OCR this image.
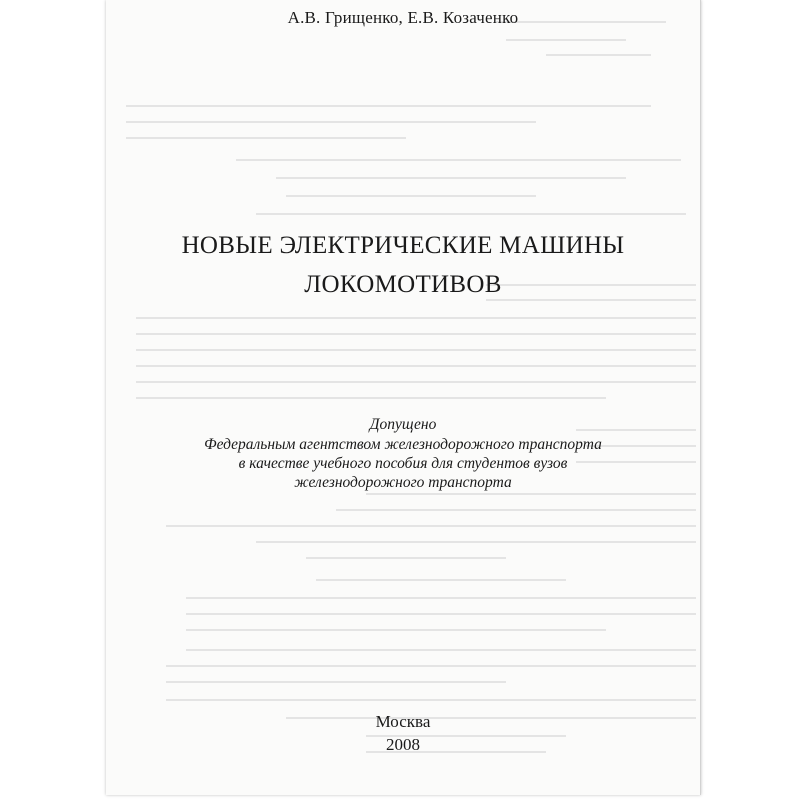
А.В. Грищенко, Е.В. Козаченко
НОВЫЕ ЭЛЕКТРИЧЕСКИЕ МАШИНЫ
ЛОКОМОТИВОВ
Допущено
Федеральным агентством железнодорожного транспорта
в качестве учебного пособия для студентов вузов
железнодорожного транспорта
Москва
2008
